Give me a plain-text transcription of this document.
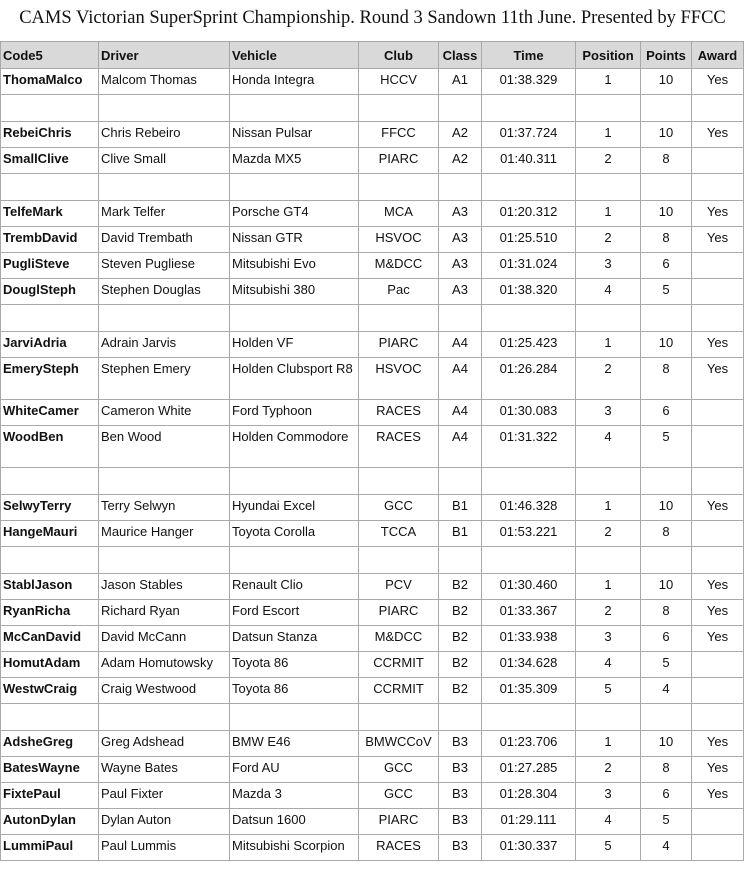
CAMS Victorian SuperSprint Championship. Round 3 Sandown 11th June. Presented by FFCC
Code5	Driver	Vehicle	Club	Class	Time	Position	Points	Award
ThomaMalco	Malcom Thomas	Honda Integra	HCCV	A1	01:38.329	1	10	Yes

RebeiChris	Chris Rebeiro	Nissan Pulsar	FFCC	A2	01:37.724	1	10	Yes
SmallClive	Clive Small	Mazda MX5	PIARC	A2	01:40.311	2	8	

TelfeMark	Mark Telfer	Porsche GT4	MCA	A3	01:20.312	1	10	Yes
TrembDavid	David Trembath	Nissan GTR	HSVOC	A3	01:25.510	2	8	Yes
PugliSteve	Steven Pugliese	Mitsubishi Evo	M&DCC	A3	01:31.024	3	6	
DouglSteph	Stephen Douglas	Mitsubishi 380	Pac	A3	01:38.320	4	5	

JarviAdria	Adrain Jarvis	Holden VF	PIARC	A4	01:25.423	1	10	Yes
EmerySteph	Stephen Emery	Holden Clubsport R8	HSVOC	A4	01:26.284	2	8	Yes
WhiteCamer	Cameron White	Ford Typhoon	RACES	A4	01:30.083	3	6	
WoodBen	Ben Wood	Holden Commodore	RACES	A4	01:31.322	4	5	

SelwyTerry	Terry Selwyn	Hyundai Excel	GCC	B1	01:46.328	1	10	Yes
HangeMauri	Maurice Hanger	Toyota Corolla	TCCA	B1	01:53.221	2	8	

StablJason	Jason Stables	Renault Clio	PCV	B2	01:30.460	1	10	Yes
RyanRicha	Richard Ryan	Ford Escort	PIARC	B2	01:33.367	2	8	Yes
McCanDavid	David McCann	Datsun Stanza	M&DCC	B2	01:33.938	3	6	Yes
HomutAdam	Adam Homutowsky	Toyota 86	CCRMIT	B2	01:34.628	4	5	
WestwCraig	Craig Westwood	Toyota 86	CCRMIT	B2	01:35.309	5	4	

AdsheGreg	Greg Adshead	BMW E46	BMWCCoV	B3	01:23.706	1	10	Yes
BatesWayne	Wayne Bates	Ford AU	GCC	B3	01:27.285	2	8	Yes
FixtePaul	Paul Fixter	Mazda 3	GCC	B3	01:28.304	3	6	Yes
AutonDylan	Dylan Auton	Datsun 1600	PIARC	B3	01:29.111	4	5	
LummiPaul	Paul Lummis	Mitsubishi Scorpion	RACES	B3	01:30.337	5	4	
